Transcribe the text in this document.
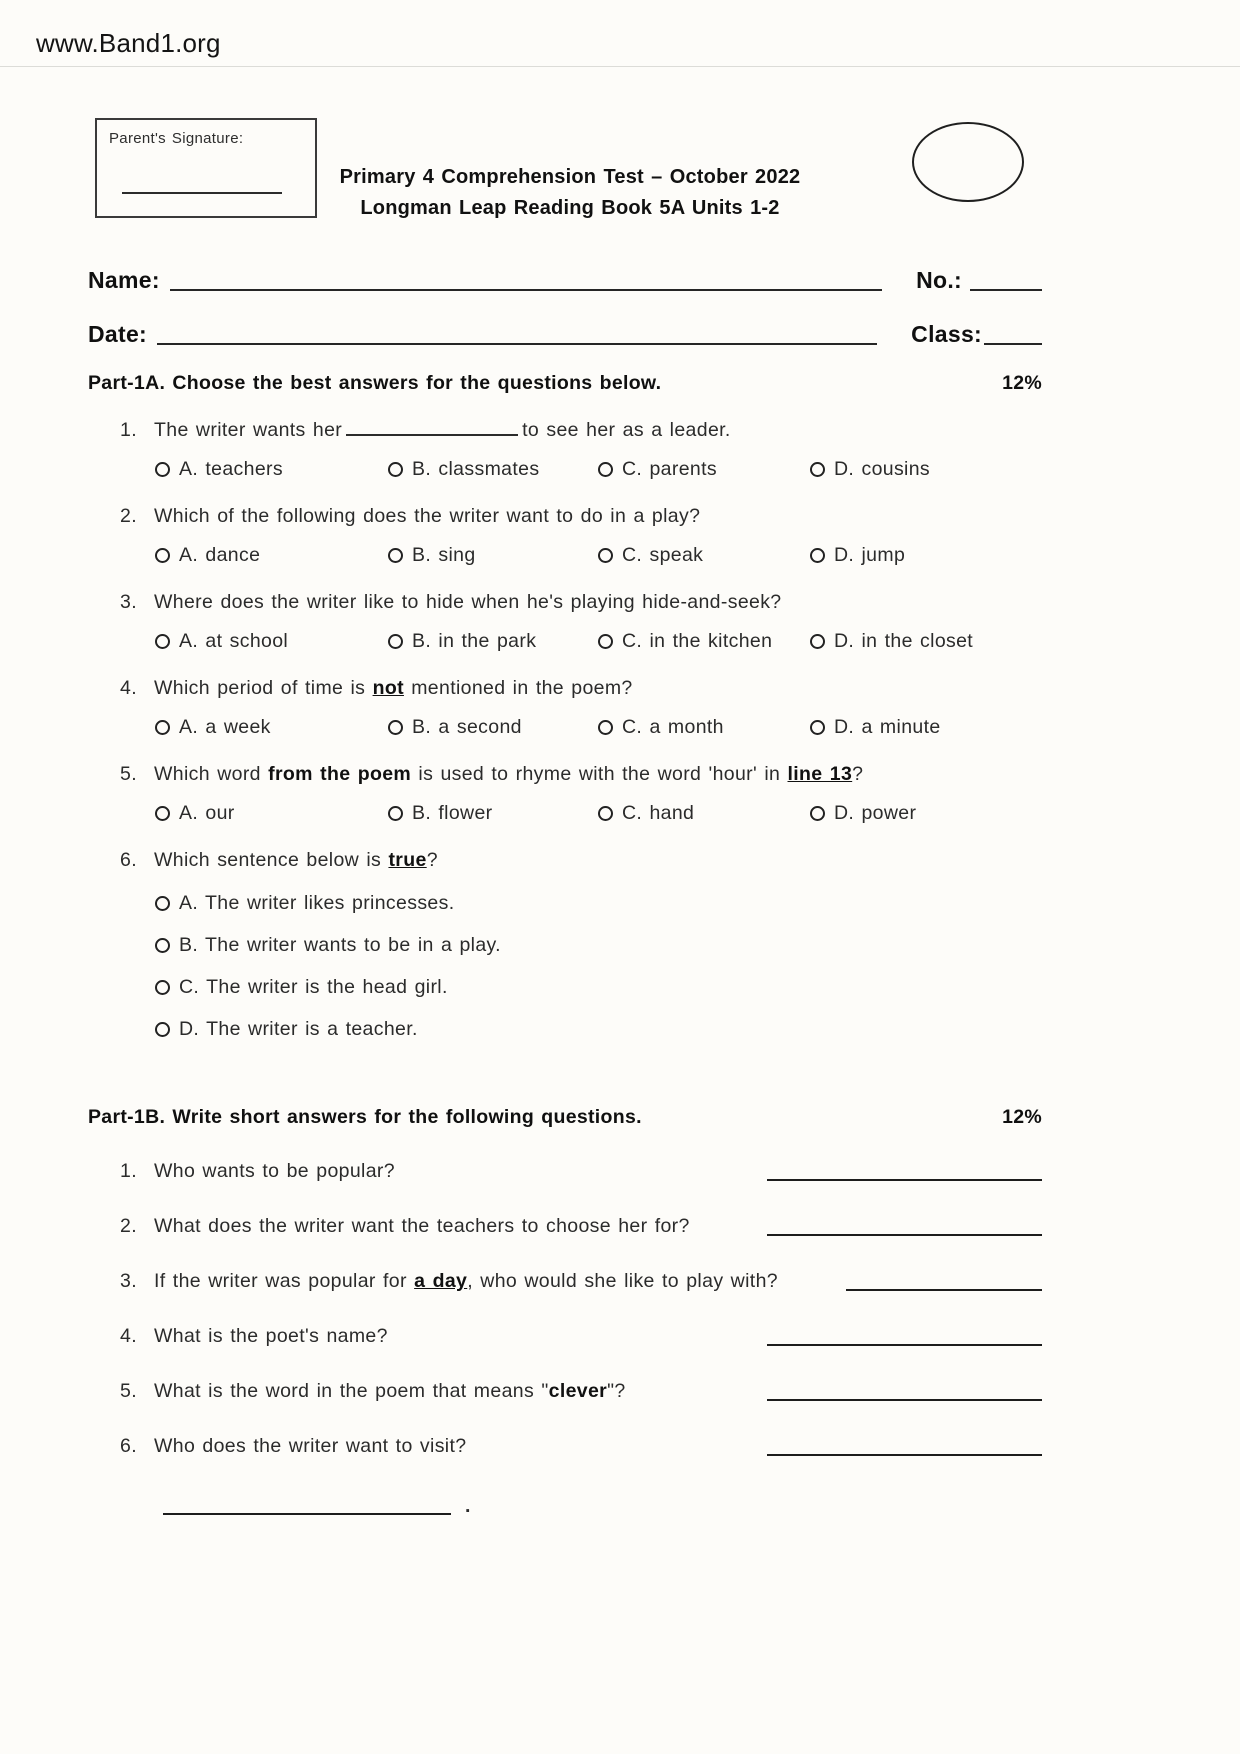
www.Band1.org
Parent's Signature:
Primary 4 Comprehension Test – October 2022
Longman Leap Reading Book 5A Units 1-2
Name:	No.:
Date:	Class:
Part-1A. Choose the best answers for the questions below.	12%
1. The writer wants her	to see her as a leader.
A. teachers	B. classmates	C. parents	D. cousins
2. Which of the following does the writer want to do in a play?
A. dance	B. sing	C. speak	D. jump
3. Where does the writer like to hide when he's playing hide-and-seek?
A. at school	B. in the park	C. in the kitchen	D. in the closet
4. Which period of time is not mentioned in the poem?
A. a week	B. a second	C. a month	D. a minute
5. Which word from the poem is used to rhyme with the word 'hour' in line 13?
A. our	B. flower	C. hand	D. power
6. Which sentence below is true?
A. The writer likes princesses.
B. The writer wants to be in a play.
C. The writer is the head girl.
D. The writer is a teacher.
Part-1B. Write short answers for the following questions.	12%
1. Who wants to be popular?
2. What does the writer want the teachers to choose her for?
3. If the writer was popular for a day, who would she like to play with?
4. What is the poet's name?
5. What is the word in the poem that means "clever"?
6. Who does the writer want to visit?
.
